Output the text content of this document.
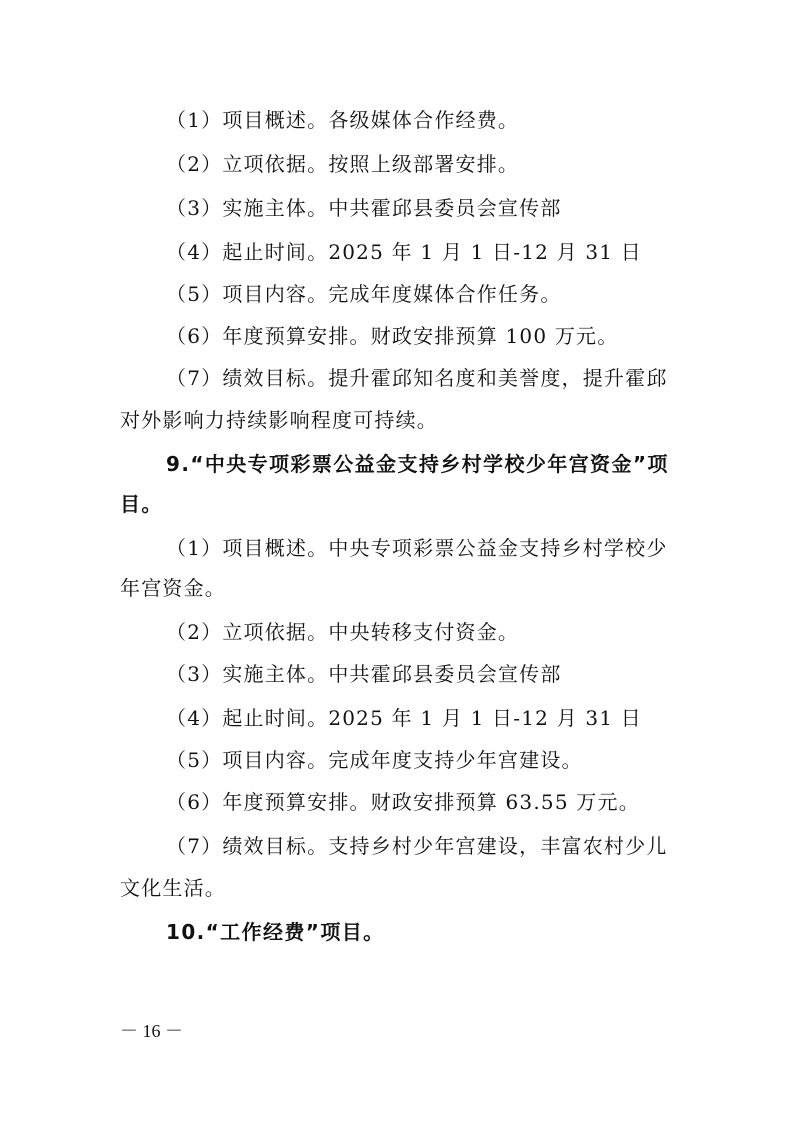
（1）项目概述。各级媒体合作经费。
（2）立项依据。按照上级部署安排。
（3）实施主体。中共霍邱县委员会宣传部
（4）起止时间。2025 年 1 月 1 日-12 月 31 日
（5）项目内容。完成年度媒体合作任务。
（6）年度预算安排。财政安排预算 100 万元。
（7）绩效目标。提升霍邱知名度和美誉度，提升霍邱
对外影响力持续影响程度可持续。
9.“中央专项彩票公益金支持乡村学校少年宫资金”项
目。
（1）项目概述。中央专项彩票公益金支持乡村学校少
年宫资金。
（2）立项依据。中央转移支付资金。
（3）实施主体。中共霍邱县委员会宣传部
（4）起止时间。2025 年 1 月 1 日-12 月 31 日
（5）项目内容。完成年度支持少年宫建设。
（6）年度预算安排。财政安排预算 63.55 万元。
（7）绩效目标。支持乡村少年宫建设，丰富农村少儿
文化生活。
10.“工作经费”项目。
－ 16 －
